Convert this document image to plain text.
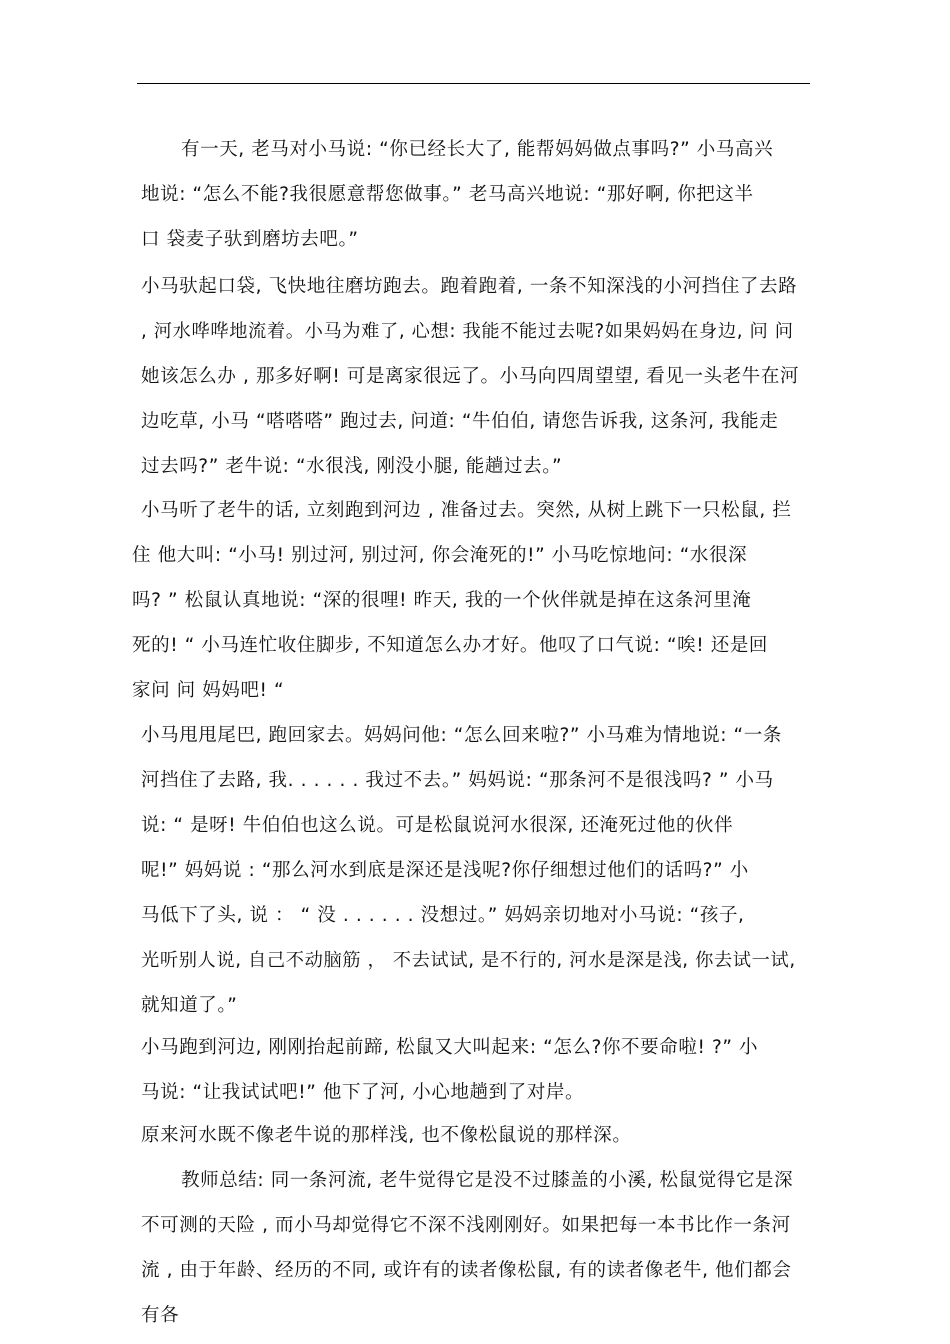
有一天, 老马对小马说: “你已经长大了, 能帮妈妈做点事吗?” 小马高兴
地说: “怎么不能?我很愿意帮您做事。” 老马高兴地说: “那好啊, 你把这半
口 袋麦子驮到磨坊去吧。”
小马驮起口袋, 飞快地往磨坊跑去。跑着跑着, 一条不知深浅的小河挡住了去路
, 河水哗哗地流着。小马为难了, 心想: 我能不能过去呢?如果妈妈在身边, 问 问
她该怎么办 , 那多好啊! 可是离家很远了。小马向四周望望, 看见一头老牛在河
边吃草, 小马 “嗒嗒嗒” 跑过去, 问道: “牛伯伯, 请您告诉我, 这条河, 我能走
过去吗?” 老牛说: “水很浅, 刚没小腿, 能趟过去。”
小马听了老牛的话, 立刻跑到河边 , 准备过去。突然, 从树上跳下一只松鼠, 拦
住 他大叫: “小马! 别过河, 别过河, 你会淹死的!” 小马吃惊地问: “水很深
吗? ” 松鼠认真地说: “深的很哩! 昨天, 我的一个伙伴就是掉在这条河里淹
死的! “ 小马连忙收住脚步, 不知道怎么办才好。他叹了口气说: “唉! 还是回
家问 问 妈妈吧! “
小马甩甩尾巴, 跑回家去。妈妈问他: “怎么回来啦?” 小马难为情地说: “一条
河挡住了去路, 我. . . . . . 我过不去。” 妈妈说: “那条河不是很浅吗? ” 小马
说: “ 是呀! 牛伯伯也这么说。可是松鼠说河水很深, 还淹死过他的伙伴
呢!” 妈妈说 : “那么河水到底是深还是浅呢?你仔细想过他们的话吗?” 小
马低下了头, 说 ： “ 没 . . . . . . 没想过。” 妈妈亲切地对小马说: “孩子,
光听别人说, 自己不动脑筋 ， 不去试试, 是不行的, 河水是深是浅, 你去试一试,
就知道了。”
小马跑到河边, 刚刚抬起前蹄, 松鼠又大叫起来: “怎么?你不要命啦! ?” 小
马说: “让我试试吧!” 他下了河, 小心地趟到了对岸。
原来河水既不像老牛说的那样浅, 也不像松鼠说的那样深。
教师总结: 同一条河流, 老牛觉得它是没不过膝盖的小溪, 松鼠觉得它是深
不可测的天险 , 而小马却觉得它不深不浅刚刚好。如果把每一本书比作一条河
流 , 由于年龄、经历的不同, 或许有的读者像松鼠, 有的读者像老牛, 他们都会
有各
